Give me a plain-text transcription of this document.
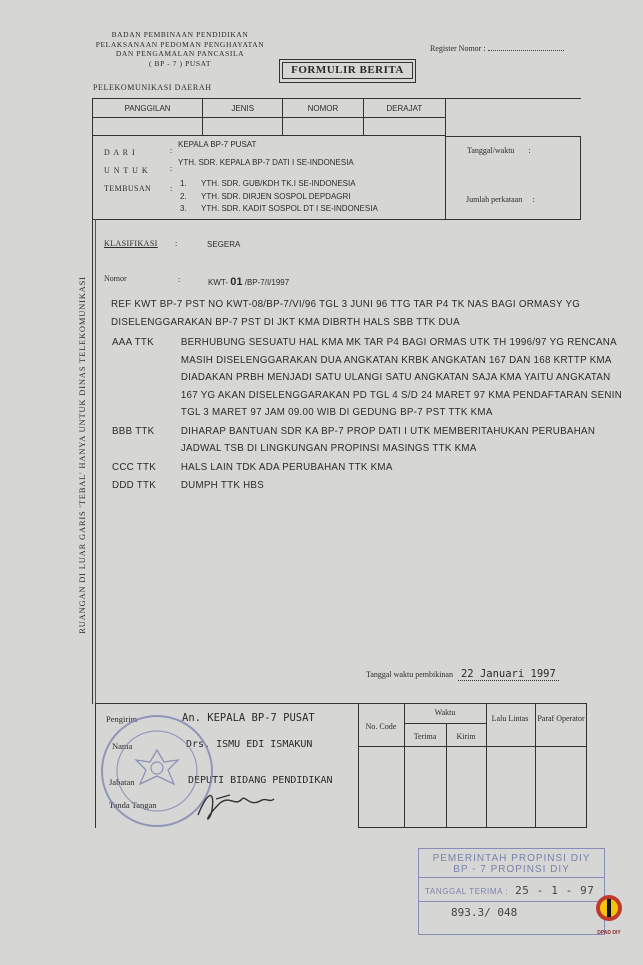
BADAN PEMBINAAN PENDIDIKAN
PELAKSANAAN PEDOMAN PENGHAYATAN
DAN PENGAMALAN PANCASILA
( BP - 7 ) PUSAT
Register Nomor :
FORMULIR BERITA
PELEKOMUNIKASI DAERAH
PANGGILAN	JENIS	NOMOR	DERAJAT

D A R I	:
KEPALA BP-7 PUSAT
U N T U K	:
YTH. SDR. KEPALA BP-7 DATI I SE-INDONESIA
TEMBUSAN :
1. YTH. SDR. GUB/KDH TK.I SE-INDONESIA
2. YTH. SDR. DIRJEN SOSPOL DEPDAGRI
3. YTH. SDR. KADIT SOSPOL DT I SE-INDONESIA
Tanggal/waktu       :
Jumlah perkataan     :
RUANGAN DI LUAR GARIS 'TEBAL' HANYA UNTUK DINAS TELEKOMUNIKASI
KLASIFIKASI :	SEGERA
Nomor	:	KWT- 01 /BP-7/I/1997
REF KWT BP-7 PST NO KWT-08/BP-7/VI/96 TGL 3 JUNI 96 TTG TAR P4 TK NAS BAGI ORMASY YG DISELENGGARAKAN BP-7 PST DI JKT KMA DIBRTH HALS SBB TTK DUA
AAA TTK	BERHUBUNG SESUATU HAL KMA MK TAR P4 BAGI ORMAS UTK TH 1996/97 YG RENCANA MASIH DISELENGGARAKAN DUA ANGKATAN KRBK ANGKATAN 167 DAN 168 KRTTP KMA DIADAKAN PRBH MENJADI SATU ULANGI SATU ANGKATAN SAJA KMA YAITU ANGKATAN 167 YG AKAN DISELENGGARAKAN PD TGL 4 S/D 24 MARET 97 KMA PENDAFTARAN SENIN TGL 3 MARET 97 JAM 09.00 WIB DI GEDUNG BP-7 PST TTK KMA
BBB TTK	DIHARAP BANTUAN SDR KA BP-7 PROP DATI I UTK MEMBERITAHUKAN PERUBAHAN JADWAL TSB DI LINGKUNGAN PROPINSI MASINGS TTK KMA
CCC TTK	HALS LAIN TDK ADA PERUBAHAN TTK KMA
DDD TTK	DUMPH TTK HBS
Tanggal waktu pembikinan 22 Januari 1997
Pengirim	An. KEPALA BP-7 PUSAT
Nama	Drs. ISMU EDI ISMAKUN
Jabatan	DEPUTI BIDANG PENDIDIKAN
Tanda Tangan
No. Code
Waktu
Terima	Kirim
Lalu Lintas	Paraf Operator
PEMERINTAH PROPINSI DIY
BP - 7 PROPINSI DIY
TANGGAL TERIMA : 25 - 1 - 97
893.3/ 048
DPAD DIY
